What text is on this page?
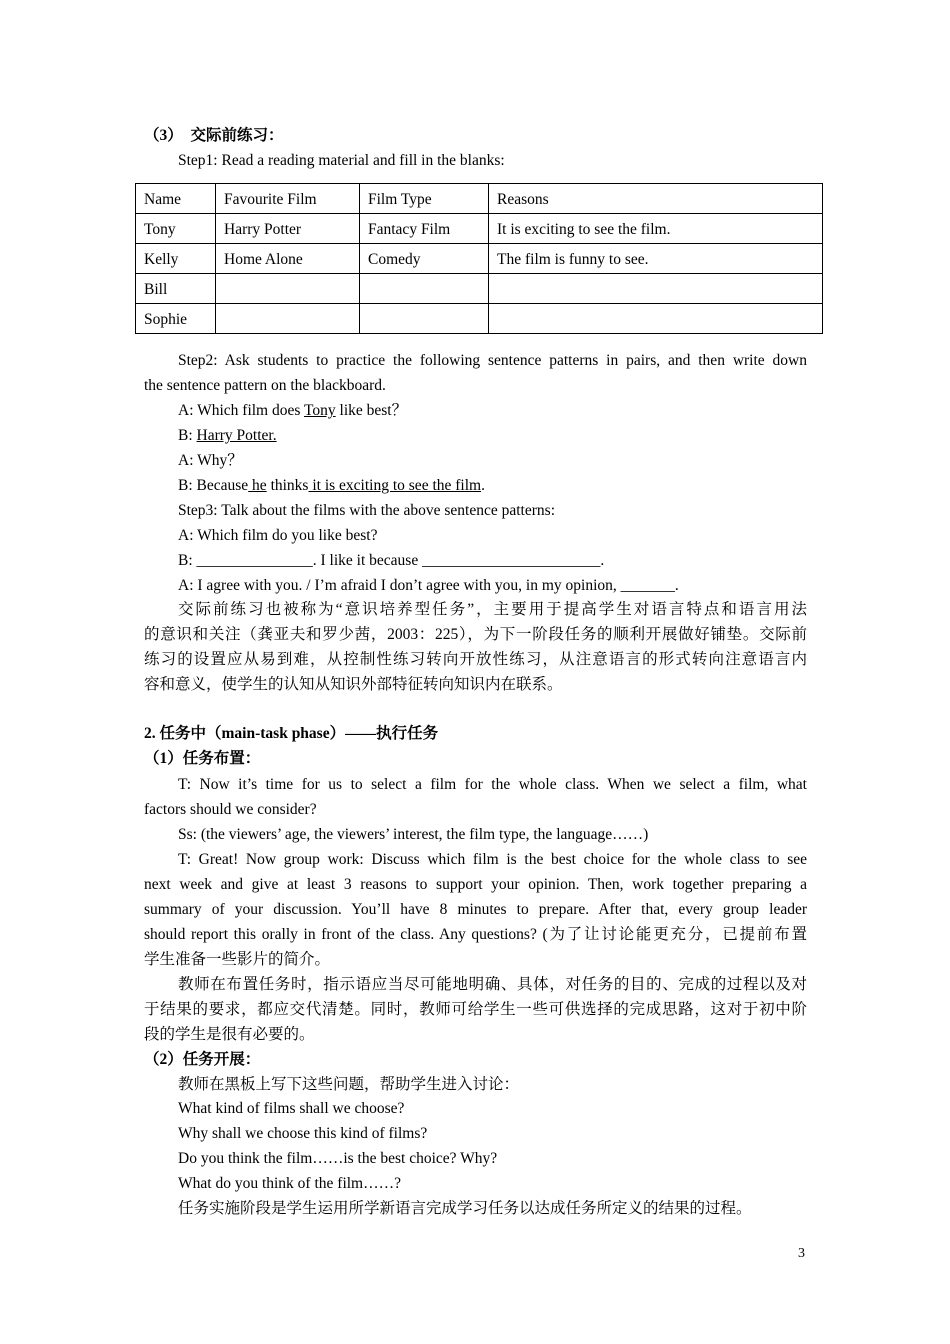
（3）　交际前练习：
Step1: Read a reading material and fill in the blanks:
Name	Favourite Film	Film Type	Reasons
Tony	Harry Potter	Fantacy Film	It is exciting to see the film.
Kelly	Home Alone	Comedy	The film is funny to see.
Bill			
Sophie			
Step2: Ask students to practice the following sentence patterns in pairs, and then write down
the sentence pattern on the blackboard.
A: Which film does Tony like best？
B: Harry Potter.
A: Why？
B: Because he thinks it is exciting to see the film.
Step3: Talk about the films with the above sentence patterns:
A: Which film do you like best?
B: _______________. I like it because _______________________.
A: I agree with you. / I’m afraid I don’t agree with you, in my opinion, _______.
交际前练习也被称为“意识培养型任务”，主要用于提高学生对语言特点和语言用法
的意识和关注（龚亚夫和罗少茜，2003：225），为下一阶段任务的顺利开展做好铺垫。交际前
练习的设置应从易到难，从控制性练习转向开放性练习，从注意语言的形式转向注意语言内
容和意义，使学生的认知从知识外部特征转向知识内在联系。
2. 任务中（main-task phase）——执行任务
（1）任务布置：
T: Now it’s time for us to select a film for the whole class. When we select a film, what
factors should we consider?
Ss: (the viewers’ age, the viewers’ interest, the film type, the language……)
T: Great! Now group work: Discuss which film is the best choice for the whole class to see
next week and give at least 3 reasons to support your opinion. Then, work together preparing a
summary of your discussion. You’ll have 8 minutes to prepare. After that, every group leader
should report this orally in front of the class. Any questions? (为了让讨论能更充分，已提前布置
学生准备一些影片的简介。
教师在布置任务时，指示语应当尽可能地明确、具体，对任务的目的、完成的过程以及对
于结果的要求，都应交代清楚。同时，教师可给学生一些可供选择的完成思路，这对于初中阶
段的学生是很有必要的。
（2）任务开展：
教师在黑板上写下这些问题，帮助学生进入讨论：
What kind of films shall we choose?
Why shall we choose this kind of films?
Do you think the film……is the best choice? Why?
What do you think of the film……?
任务实施阶段是学生运用所学新语言完成学习任务以达成任务所定义的结果的过程。
3
